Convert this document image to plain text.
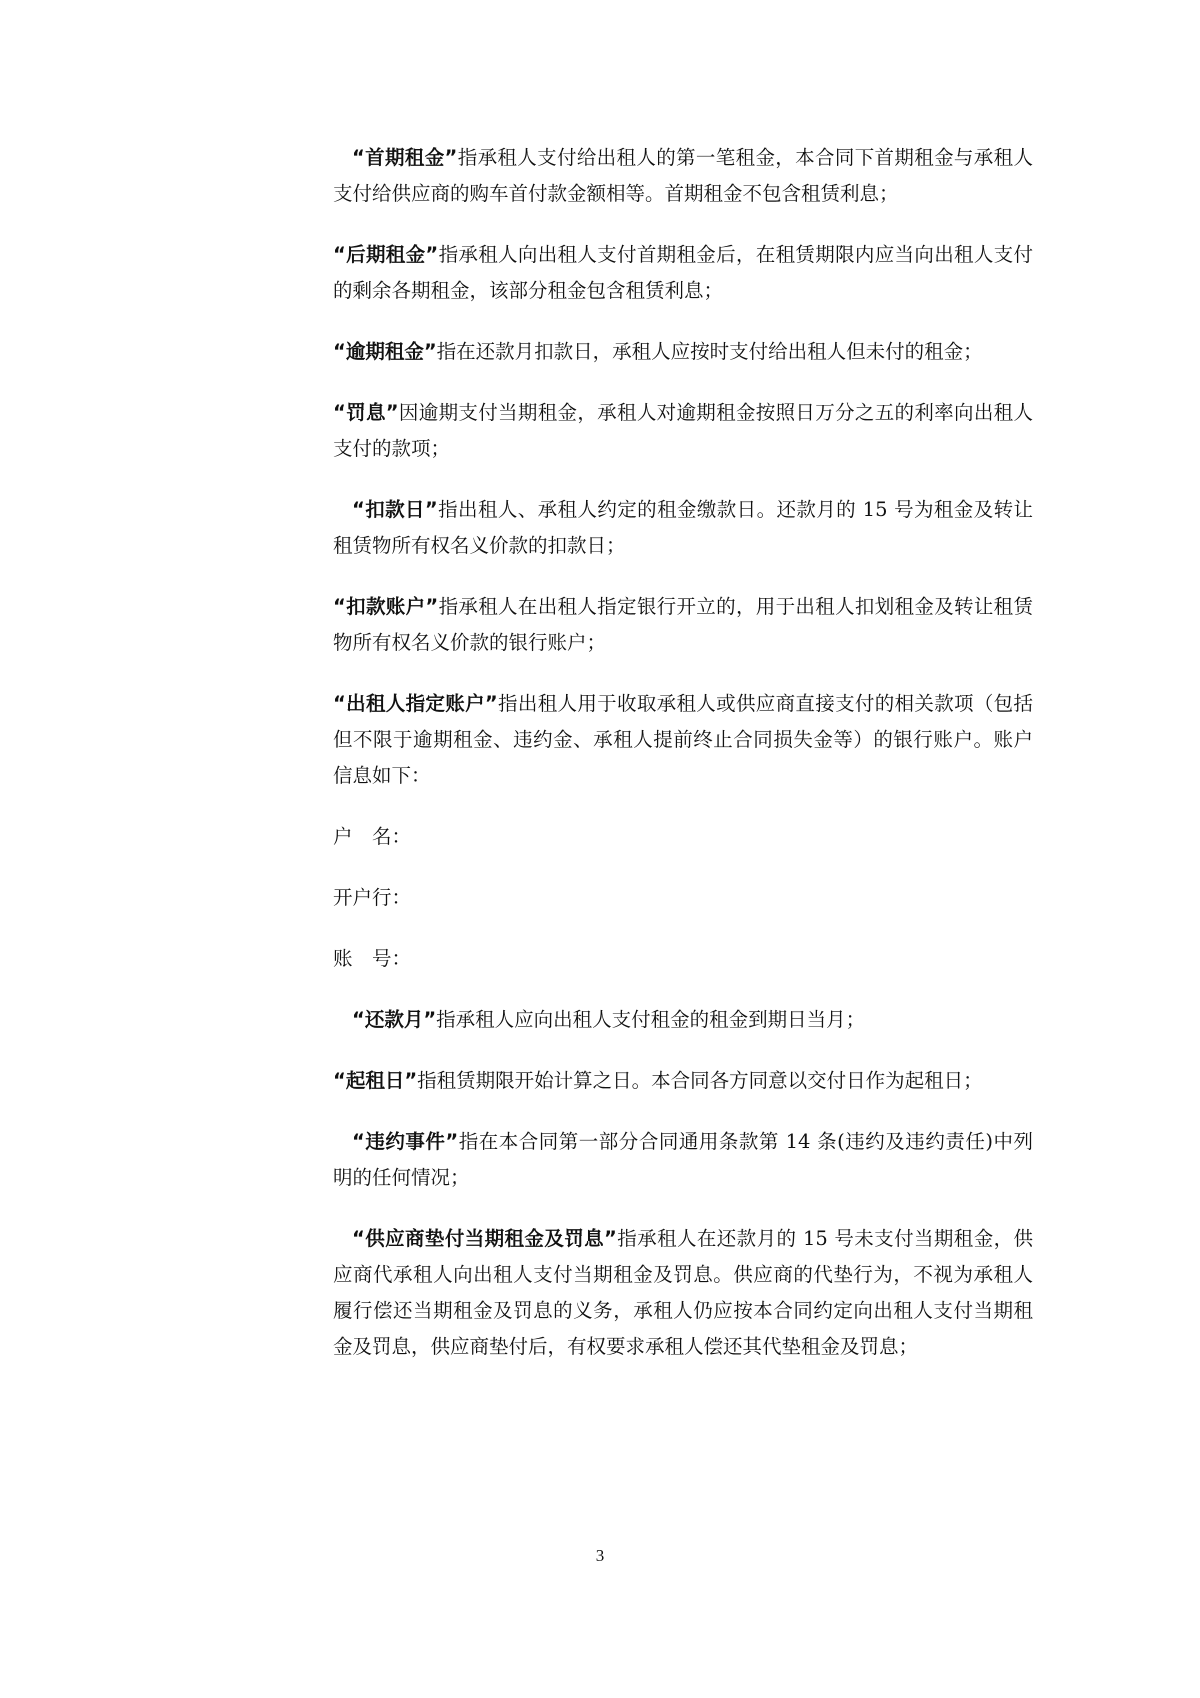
“首期租金”指承租人支付给出租人的第一笔租金，本合同下首期租金与承租人支付给供应商的购车首付款金额相等。首期租金不包含租赁利息；

“后期租金”指承租人向出租人支付首期租金后，在租赁期限内应当向出租人支付的剩余各期租金，该部分租金包含租赁利息；

“逾期租金”指在还款月扣款日，承租人应按时支付给出租人但未付的租金；

“罚息”因逾期支付当期租金，承租人对逾期租金按照日万分之五的利率向出租人支付的款项；

“扣款日”指出租人、承租人约定的租金缴款日。还款月的 15 号为租金及转让租赁物所有权名义价款的扣款日；

“扣款账户”指承租人在出租人指定银行开立的，用于出租人扣划租金及转让租赁物所有权名义价款的银行账户；

“出租人指定账户”指出租人用于收取承租人或供应商直接支付的相关款项（包括但不限于逾期租金、违约金、承租人提前终止合同损失金等）的银行账户。账户信息如下：

户　名：

开户行：

账　号：

“还款月”指承租人应向出租人支付租金的租金到期日当月；

“起租日”指租赁期限开始计算之日。本合同各方同意以交付日作为起租日；

“违约事件”指在本合同第一部分合同通用条款第 14 条(违约及违约责任)中列明的任何情况；

“供应商垫付当期租金及罚息”指承租人在还款月的 15 号未支付当期租金，供应商代承租人向出租人支付当期租金及罚息。供应商的代垫行为，不视为承租人履行偿还当期租金及罚息的义务，承租人仍应按本合同约定向出租人支付当期租金及罚息，供应商垫付后，有权要求承租人偿还其代垫租金及罚息；

3
